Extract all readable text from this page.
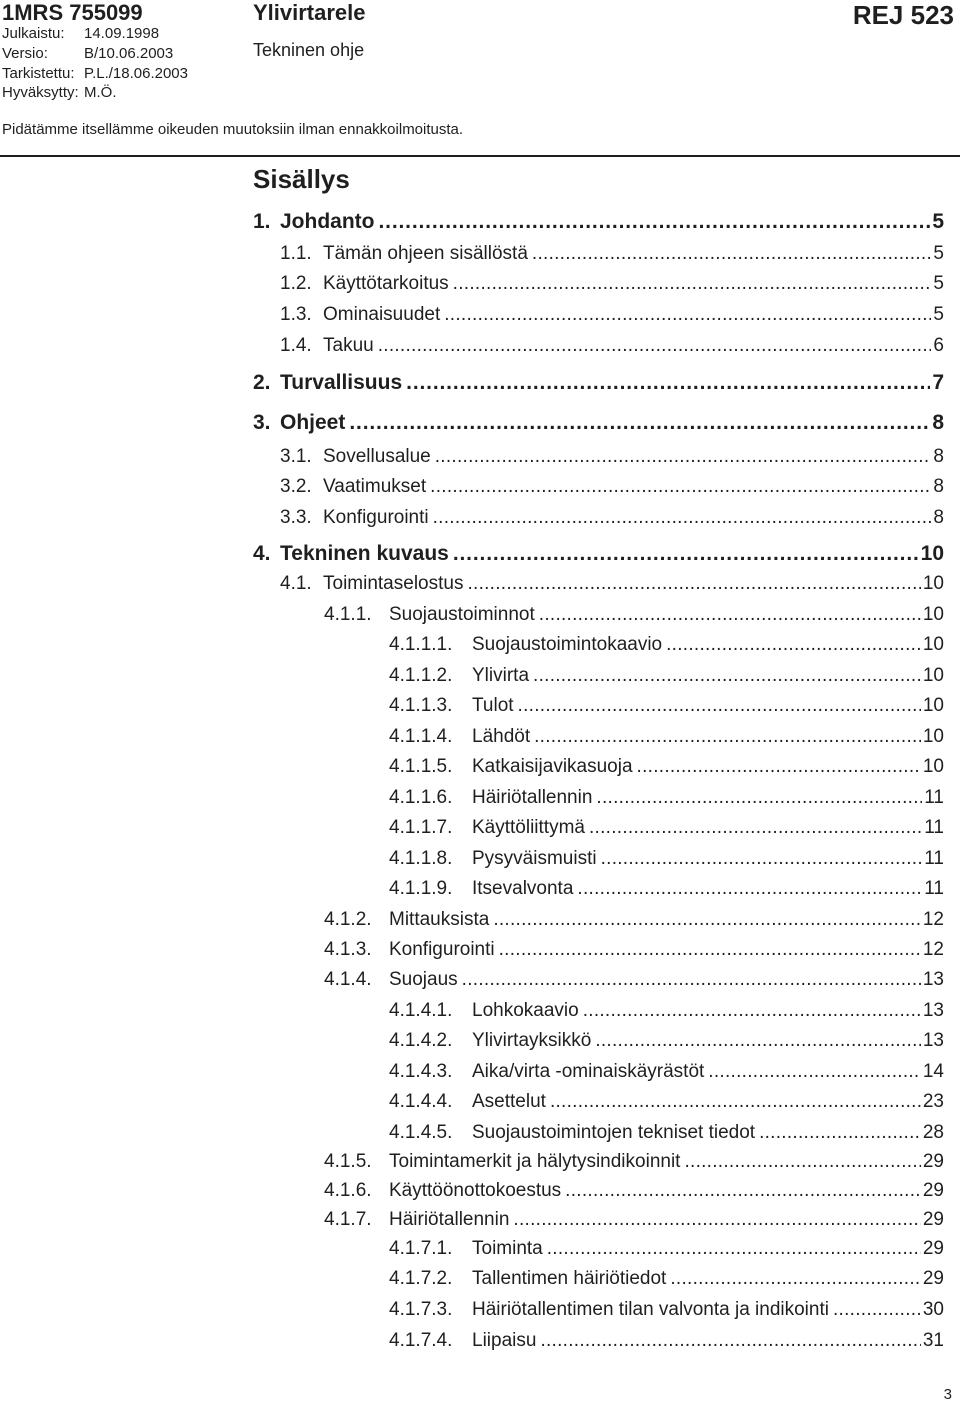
1MRS 755099
Julkaistu: 14.09.1998
Versio: B/10.06.2003
Tarkistettu: P.L./18.06.2003
Hyväksytty: M.Ö.
Ylivirtarele
Tekninen ohje
REJ 523
Pidätämme itsellämme oikeuden muutoksiin ilman ennakkoilmoitusta.
Sisällys
1. Johdanto . . .	5
1.1. Tämän ohjeen sisällöstä . . .	5
1.2. Käyttötarkoitus . . .	5
1.3. Ominaisuudet . . .	5
1.4. Takuu . . .	6
2. Turvallisuus . . .	7
3. Ohjeet . . .	8
3.1. Sovellusalue . . .	8
3.2. Vaatimukset . . .	8
3.3. Konfigurointi . . .	8
4. Tekninen kuvaus . . .	10
4.1. Toimintaselostus . . .	10
4.1.1. Suojaustoiminnot . . .	10
4.1.1.1.	Suojaustoimintokaavio . . .	10
4.1.1.2.	Ylivirta . . .	10
4.1.1.3.	Tulot . . .	10
4.1.1.4.	Lähdöt . . .	10
4.1.1.5.	Katkaisijavikasuoja . . .	10
4.1.1.6.	Häiriötallennin . . .	11
4.1.1.7.	Käyttöliittymä . . .	11
4.1.1.8.	Pysyväismuisti . . .	11
4.1.1.9.	Itsevalvonta . . .	11
4.1.2. Mittauksista . . .	12
4.1.3. Konfigurointi . . .	12
4.1.4. Suojaus . . .	13
4.1.4.1.	Lohkokaavio . . .	13
4.1.4.2.	Ylivirtayksikkö . . .	13
4.1.4.3.	Aika/virta -ominaiskäyrästöt . . .	14
4.1.4.4.	Asettelut . . .	23
4.1.4.5.	Suojaustoimintojen tekniset tiedot . . .	28
4.1.5. Toimintamerkit ja hälytysindikoinnit . . .	29
4.1.6. Käyttöönottokoestus . . .	29
4.1.7. Häiriötallennin . . .	29
4.1.7.1.	Toiminta . . .	29
4.1.7.2.	Tallentimen häiriötiedot . . .	29
4.1.7.3.	Häiriötallentimen tilan valvonta ja indikointi . . .	30
4.1.7.4.	Liipaisu . . .	31
3
